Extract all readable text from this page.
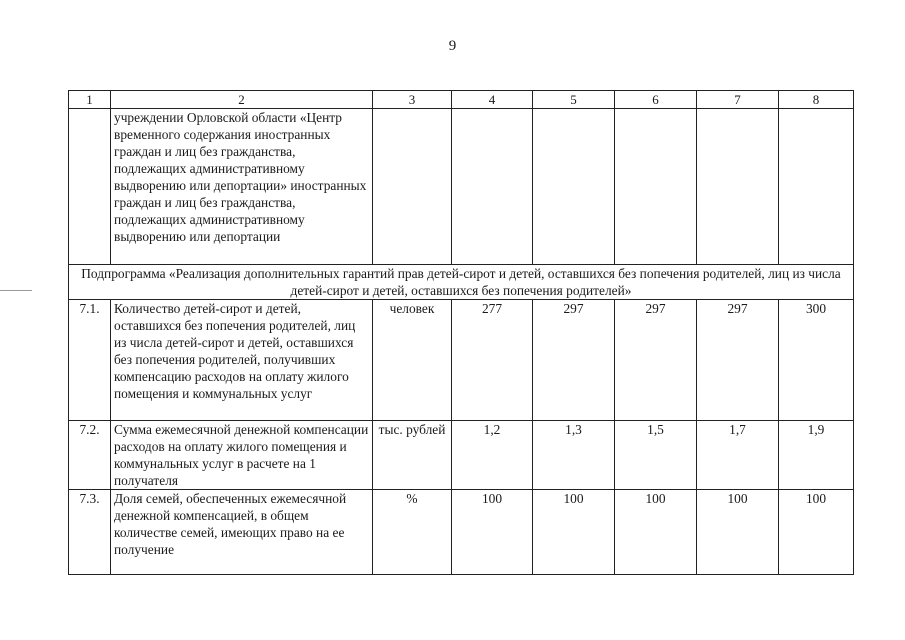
9
1	2	3	4	5	6	7	8
	учреждении Орловской области «Центр временного содержания иностранных граждан и лиц без гражданства, подлежащих административному выдворению или депортации» иностранных граждан и лиц без гражданства, подлежащих административному выдворению или депортации						
Подпрограмма «Реализация дополнительных гарантий прав детей-сирот и детей, оставшихся без попечения родителей, лиц из числа детей-сирот и детей, оставшихся без попечения родителей»							
7.1.	Количество детей-сирот и детей, оставшихся без попечения родителей, лиц из числа детей-сирот и детей, оставшихся без попечения родителей, получивших компенсацию расходов на оплату жилого помещения и коммунальных услуг	человек	277	297	297	297	300
7.2.	Сумма ежемесячной денежной компенсации расходов на оплату жилого помещения и коммунальных услуг в расчете на 1 получателя	тыс. рублей	1,2	1,3	1,5	1,7	1,9
7.3.	Доля семей, обеспеченных ежемесячной денежной компенсацией, в общем количестве семей, имеющих право на ее получение	%	100	100	100	100	100
